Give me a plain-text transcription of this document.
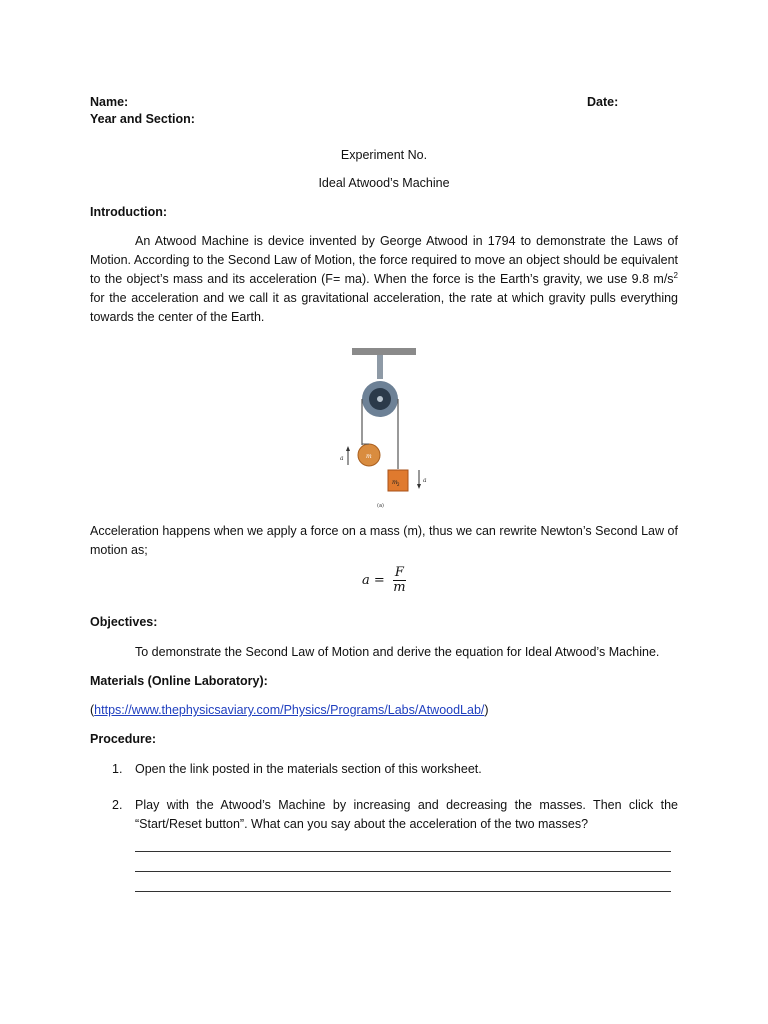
Name:	Date:
Year and Section:
Experiment No.
Ideal Atwood’s Machine
Introduction:
An Atwood Machine is device invented by George Atwood in 1794 to demonstrate the Laws of Motion. According to the Second Law of Motion, the force required to move an object should be equivalent to the object’s mass and its acceleration (F= ma). When the force is the Earth’s gravity, we use 9.8 $m/s^2$ for the acceleration and we call it as gravitational acceleration, the rate at which gravity pulls everything towards the center of the Earth.
m
m 2
a
a
(a)
Acceleration happens when we apply a force on a mass (m), thus we can rewrite Newton’s Second Law of motion as;
$a = \frac{F}{m}$
Objectives:
To demonstrate the Second Law of Motion and derive the equation for Ideal Atwood’s Machine.
Materials (Online Laboratory):
(https://www.thephysicsaviary.com/Physics/Programs/Labs/AtwoodLab/)
Procedure:
1. Open the link posted in the materials section of this worksheet.
2. Play with the Atwood’s Machine by increasing and decreasing the masses. Then click the “Start/Reset button”. What can you say about the acceleration of the two masses?
